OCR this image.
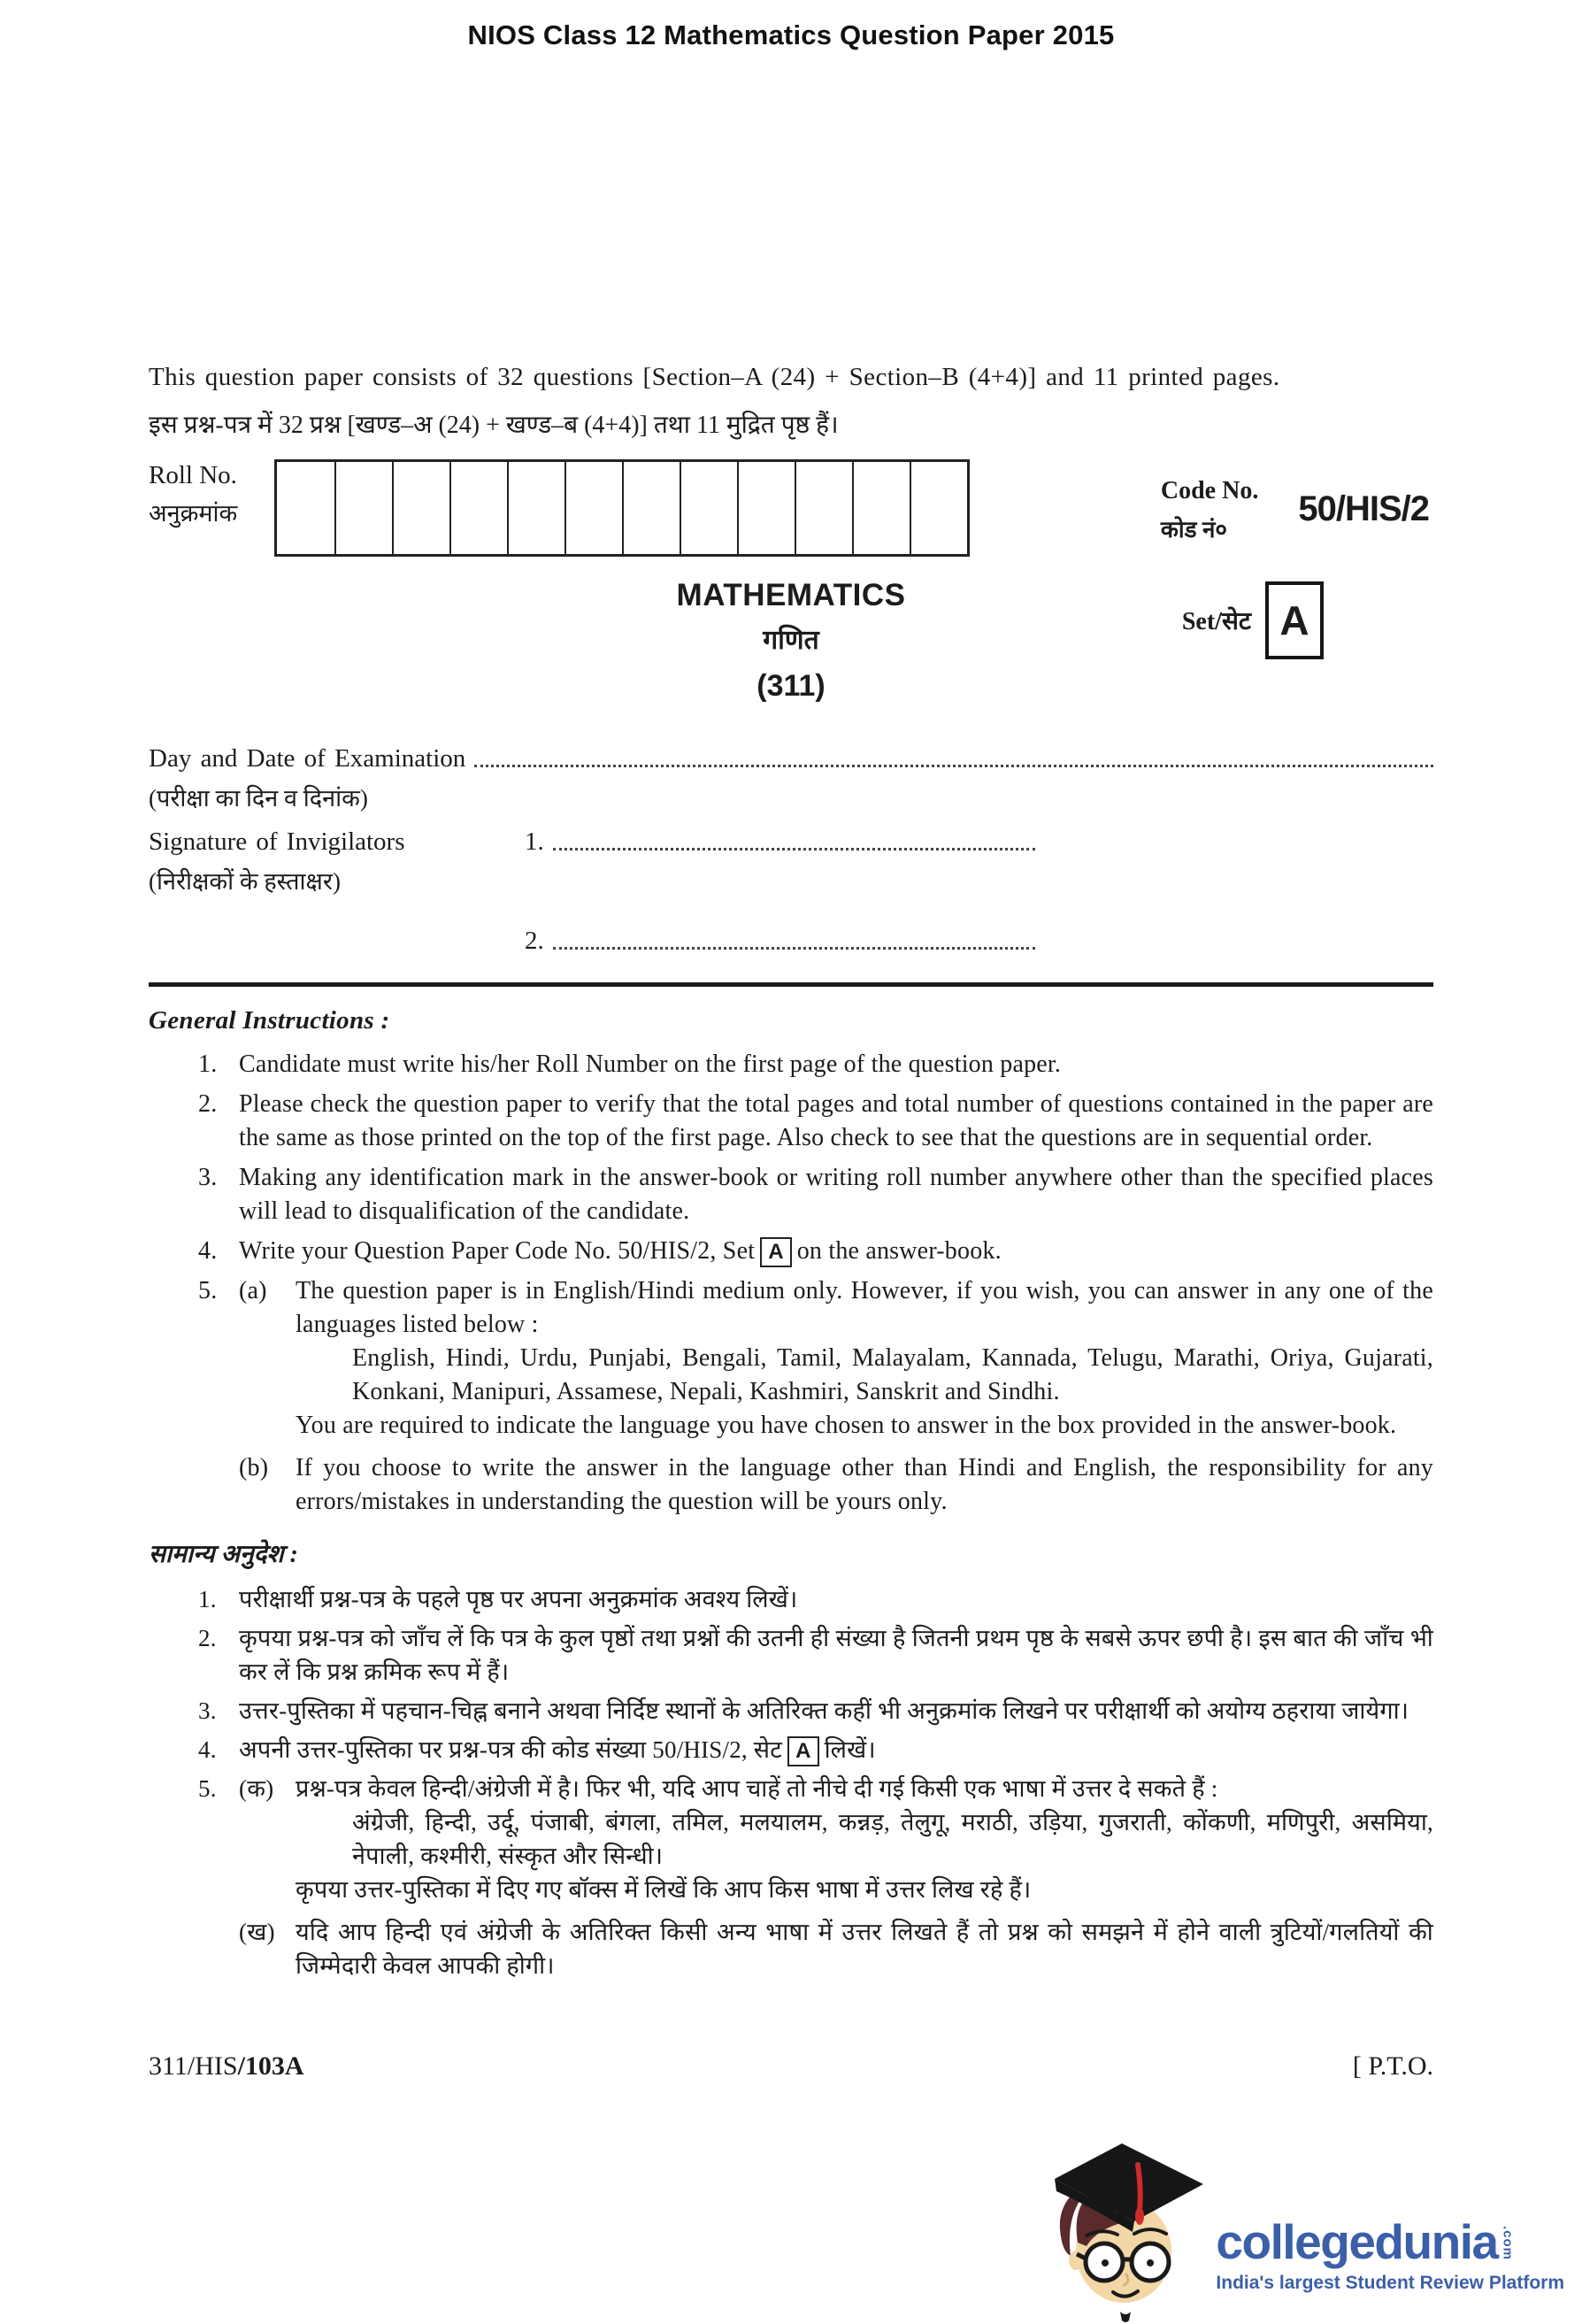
NIOS Class 12 Mathematics Question Paper 2015
This question paper consists of 32 questions [Section–A (24) + Section–B (4+4)] and 11 printed pages.
इस प्रश्न-पत्र में 32 प्रश्न [खण्ड–अ (24) + खण्ड–ब (4+4)] तथा 11 मुद्रित पृष्ठ हैं।
Roll No.
अनुक्रमांक
Code No.
कोड नं०
50/HIS/2
MATHEMATICS
गणित
(311)
Set/सेट A
Day and Date of Examination
(परीक्षा का दिन व दिनांक)
Signature of Invigilators	1.
(निरीक्षकों के हस्ताक्षर)
2.
General Instructions :
1. Candidate must write his/her Roll Number on the first page of the question paper.
2. Please check the question paper to verify that the total pages and total number of questions contained in the paper are the same as those printed on the top of the first page. Also check to see that the questions are in sequential order.
3. Making any identification mark in the answer-book or writing roll number anywhere other than the specified places will lead to disqualification of the candidate.
4. Write your Question Paper Code No. 50/HIS/2, Set A on the answer-book.
5. (a)	The question paper is in English/Hindi medium only. However, if you wish, you can answer in any one of the languages listed below :
English, Hindi, Urdu, Punjabi, Bengali, Tamil, Malayalam, Kannada, Telugu, Marathi, Oriya, Gujarati, Konkani, Manipuri, Assamese, Nepali, Kashmiri, Sanskrit and Sindhi.
You are required to indicate the language you have chosen to answer in the box provided in the answer-book.
(b)	If you choose to write the answer in the language other than Hindi and English, the responsibility for any errors/mistakes in understanding the question will be yours only.
सामान्य अनुदेश :
1. परीक्षार्थी प्रश्न-पत्र के पहले पृष्ठ पर अपना अनुक्रमांक अवश्य लिखें।
2. कृपया प्रश्न-पत्र को जाँच लें कि पत्र के कुल पृष्ठों तथा प्रश्नों की उतनी ही संख्या है जितनी प्रथम पृष्ठ के सबसे ऊपर छपी है। इस बात की जाँच भी कर लें कि प्रश्न क्रमिक रूप में हैं।
3. उत्तर-पुस्तिका में पहचान-चिह्न बनाने अथवा निर्दिष्ट स्थानों के अतिरिक्त कहीं भी अनुक्रमांक लिखने पर परीक्षार्थी को अयोग्य ठहराया जायेगा।
4. अपनी उत्तर-पुस्तिका पर प्रश्न-पत्र की कोड संख्या 50/HIS/2, सेट A लिखें।
5. (क) प्रश्न-पत्र केवल हिन्दी/अंग्रेजी में है। फिर भी, यदि आप चाहें तो नीचे दी गई किसी एक भाषा में उत्तर दे सकते हैं :
अंग्रेजी, हिन्दी, उर्दू, पंजाबी, बंगला, तमिल, मलयालम, कन्नड़, तेलुगू, मराठी, उड़िया, गुजराती, कोंकणी, मणिपुरी, असमिया, नेपाली, कश्मीरी, संस्कृत और सिन्धी।
कृपया उत्तर-पुस्तिका में दिए गए बॉक्स में लिखें कि आप किस भाषा में उत्तर लिख रहे हैं।
(ख) यदि आप हिन्दी एवं अंग्रेजी के अतिरिक्त किसी अन्य भाषा में उत्तर लिखते हैं तो प्रश्न को समझने में होने वाली त्रुटियों/गलतियों की जिम्मेदारी केवल आपकी होगी।
311/HIS/103A	[ P.T.O.
collegedunia .com
India's largest Student Review Platform
